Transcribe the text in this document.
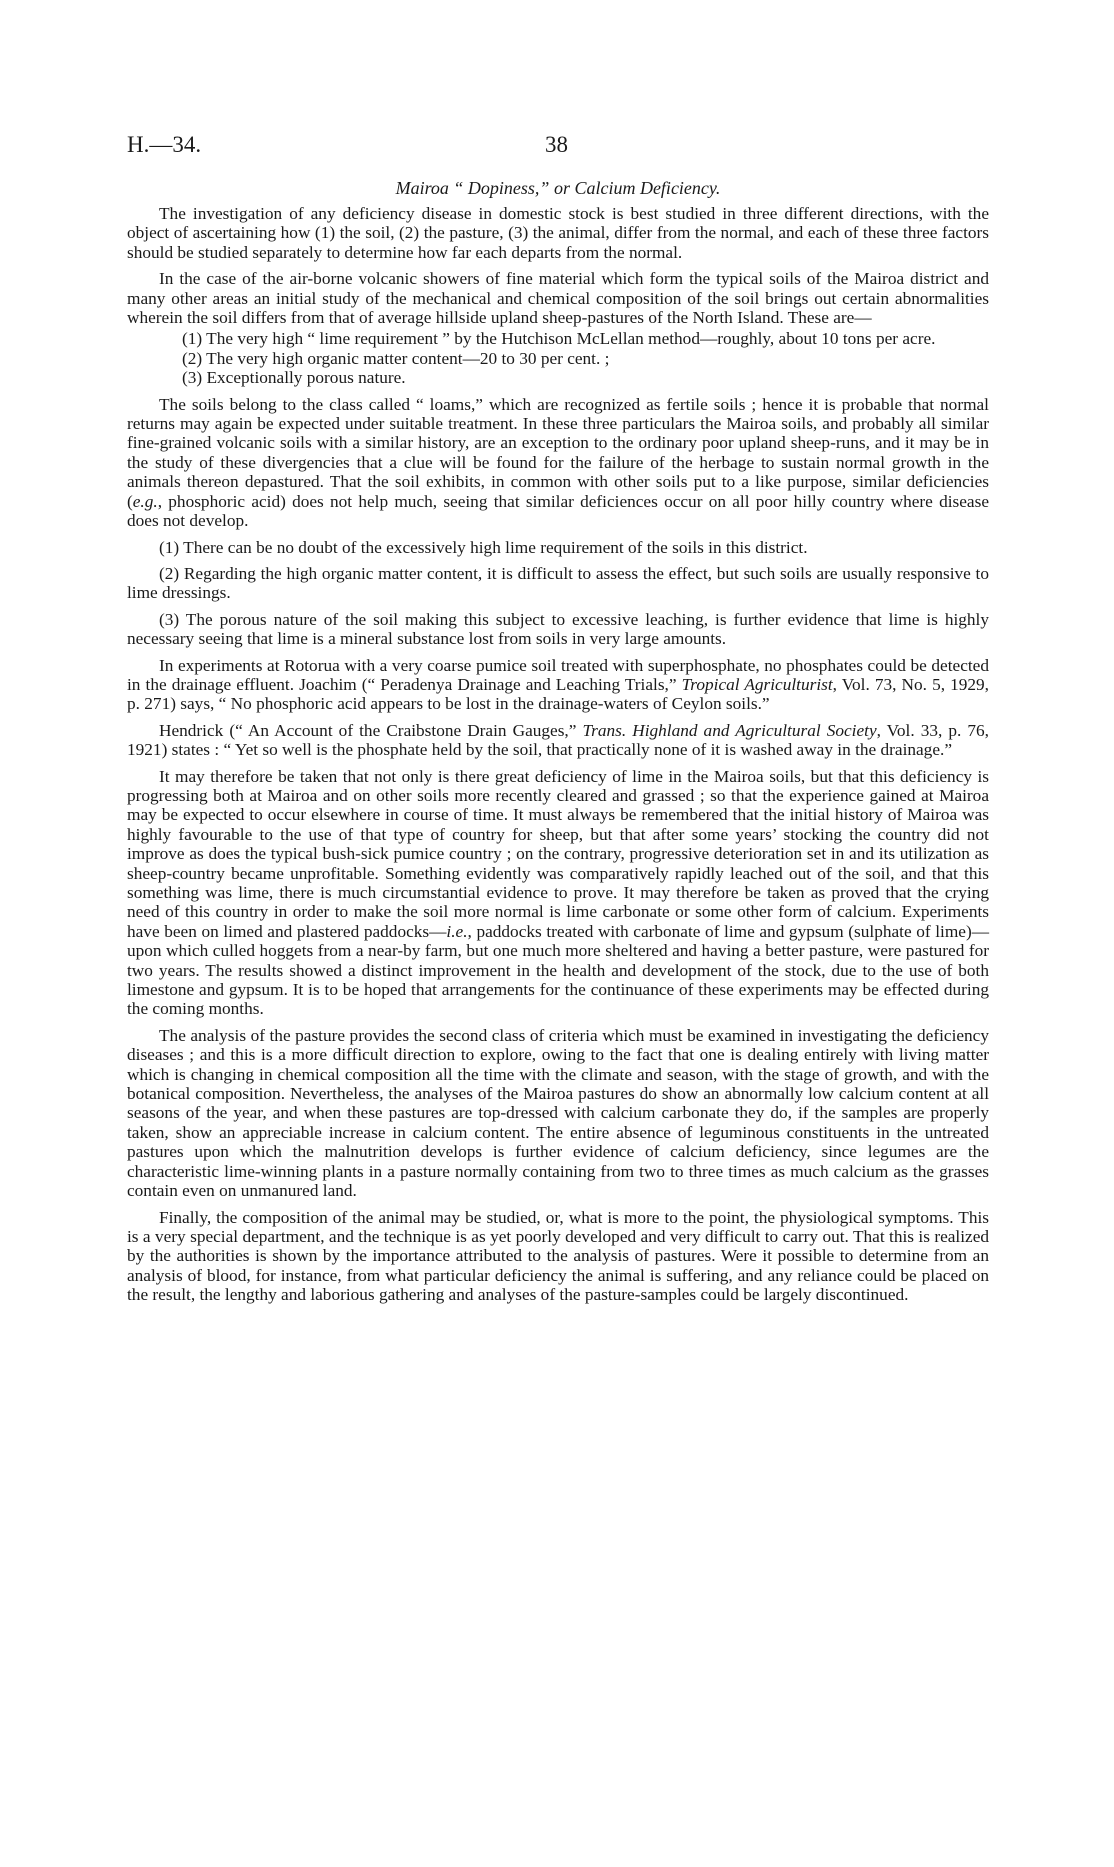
H.—34.	38
Mairoa “ Dopiness,” or Calcium Deficiency.

The investigation of any deficiency disease in domestic stock is best studied in three different directions, with the object of ascertaining how (1) the soil, (2) the pasture, (3) the animal, differ from the normal, and each of these three factors should be studied separately to determine how far each departs from the normal.

In the case of the air-borne volcanic showers of fine material which form the typical soils of the Mairoa district and many other areas an initial study of the mechanical and chemical composition of the soil brings out certain abnormalities wherein the soil differs from that of average hillside upland sheep-pastures of the North Island. These are—

(1) The very high “ lime requirement ” by the Hutchison McLellan method—roughly, about 10 tons per acre.
(2) The very high organic matter content—20 to 30 per cent. ;
(3) Exceptionally porous nature.

The soils belong to the class called “ loams,” which are recognized as fertile soils ; hence it is probable that normal returns may again be expected under suitable treatment. In these three particulars the Mairoa soils, and probably all similar fine-grained volcanic soils with a similar history, are an exception to the ordinary poor upland sheep-runs, and it may be in the study of these divergencies that a clue will be found for the failure of the herbage to sustain normal growth in the animals thereon depastured. That the soil exhibits, in common with other soils put to a like purpose, similar deficiencies (e.g., phosphoric acid) does not help much, seeing that similar deficiences occur on all poor hilly country where disease does not develop.

(1) There can be no doubt of the excessively high lime requirement of the soils in this district.

(2) Regarding the high organic matter content, it is difficult to assess the effect, but such soils are usually responsive to lime dressings.

(3) The porous nature of the soil making this subject to excessive leaching, is further evidence that lime is highly necessary seeing that lime is a mineral substance lost from soils in very large amounts.

In experiments at Rotorua with a very coarse pumice soil treated with superphosphate, no phosphates could be detected in the drainage effluent. Joachim (“ Peradenya Drainage and Leaching Trials,” Tropical Agriculturist, Vol. 73, No. 5, 1929, p. 271) says, “ No phosphoric acid appears to be lost in the drainage-waters of Ceylon soils.”

Hendrick (“ An Account of the Craibstone Drain Gauges,” Trans. Highland and Agricultural Society, Vol. 33, p. 76, 1921) states : “ Yet so well is the phosphate held by the soil, that practically none of it is washed away in the drainage.”

It may therefore be taken that not only is there great deficiency of lime in the Mairoa soils, but that this deficiency is progressing both at Mairoa and on other soils more recently cleared and grassed ; so that the experience gained at Mairoa may be expected to occur elsewhere in course of time. It must always be remembered that the initial history of Mairoa was highly favourable to the use of that type of country for sheep, but that after some years’ stocking the country did not improve as does the typical bush-sick pumice country ; on the contrary, progressive deterioration set in and its utilization as sheep-country became unprofitable. Something evidently was comparatively rapidly leached out of the soil, and that this something was lime, there is much circumstantial evidence to prove. It may therefore be taken as proved that the crying need of this country in order to make the soil more normal is lime carbonate or some other form of calcium. Experiments have been on limed and plastered paddocks—i.e., paddocks treated with carbonate of lime and gypsum (sulphate of lime)—upon which culled hoggets from a near-by farm, but one much more sheltered and having a better pasture, were pastured for two years. The results showed a distinct improvement in the health and development of the stock, due to the use of both limestone and gypsum. It is to be hoped that arrangements for the continuance of these experiments may be effected during the coming months.

The analysis of the pasture provides the second class of criteria which must be examined in investigating the deficiency diseases ; and this is a more difficult direction to explore, owing to the fact that one is dealing entirely with living matter which is changing in chemical composition all the time with the climate and season, with the stage of growth, and with the botanical composition. Nevertheless, the analyses of the Mairoa pastures do show an abnormally low calcium content at all seasons of the year, and when these pastures are top-dressed with calcium carbonate they do, if the samples are properly taken, show an appreciable increase in calcium content. The entire absence of leguminous constituents in the untreated pastures upon which the malnutrition develops is further evidence of calcium deficiency, since legumes are the characteristic lime-winning plants in a pasture normally containing from two to three times as much calcium as the grasses contain even on unmanured land.

Finally, the composition of the animal may be studied, or, what is more to the point, the physiological symptoms. This is a very special department, and the technique is as yet poorly developed and very difficult to carry out. That this is realized by the authorities is shown by the importance attributed to the analysis of pastures. Were it possible to determine from an analysis of blood, for instance, from what particular deficiency the animal is suffering, and any reliance could be placed on the result, the lengthy and laborious gathering and analyses of the pasture-samples could be largely discontinued.
